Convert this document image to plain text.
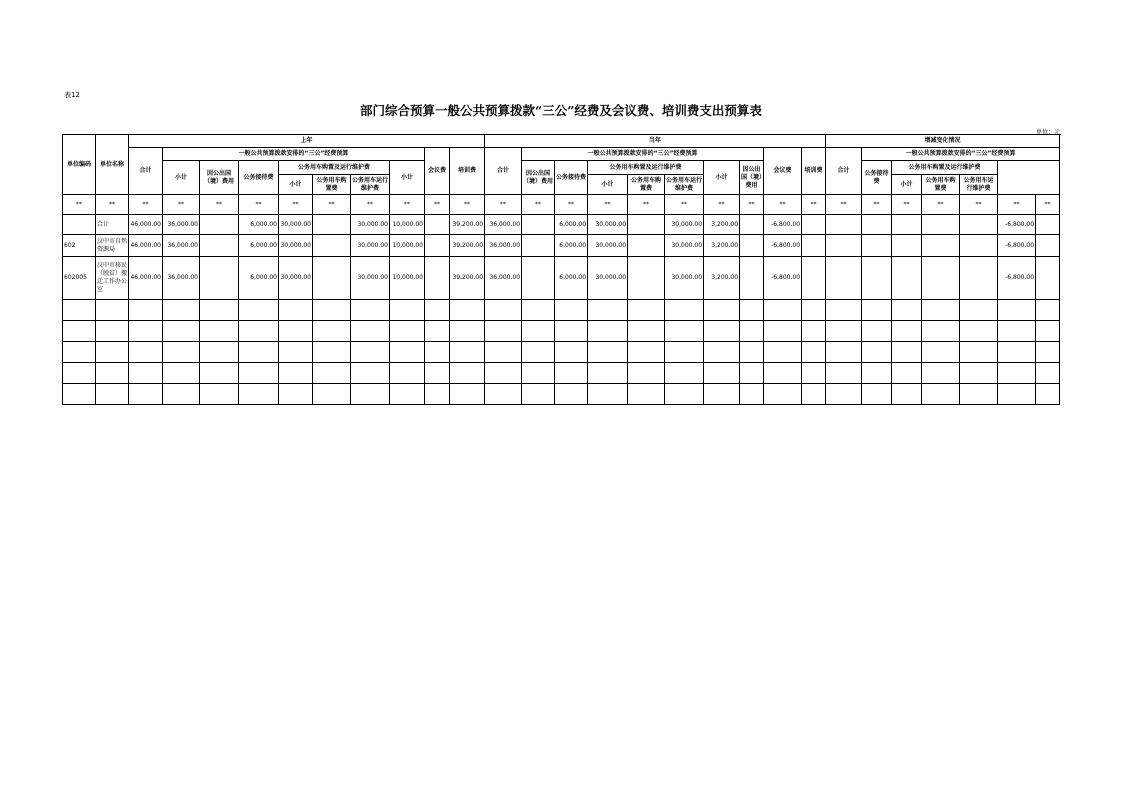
表12
部门综合预算一般公共预算拨款“三公”经费及会议费、培训费支出预算表
单位：元
单位编码	单位名称	上年										当年										增减变化情况							
		合计	一般公共预算拨款安排的“三公”经费预算							会议费	培训费	合计	一般公共预算拨款安排的“三公”经费预算							会议费	培训费	合计	一般公共预算拨款安排的“三公”经费预算		
			小计	因公出国（境）费用	公务接待费	公务用车购置及运行维护费			小计				因公出国（境）费用	公务接待费	公务用车购置及运行维护费			小计	因公出国（境）费用				公务接待费	公务用车购置及运行维护费					
						小计	公务用车购置费	公务用车运行维护费							小计	公务用车购置费	公务用车运行维护费							小计	公务用车购置费	公务用车运行维护费			
**	**	**	**	**	**	**	**	**	**	**	**	**	**	**	**	**	**	**	**	**	**	**	**	**	**	**	**	**	
	合计	46,000.00	36,000.00		6,000.00	30,000.00		30,000.00	10,000.00		39,200.00	36,000.00		6,000.00	30,000.00		30,000.00	3,200.00		-6,800.00							-6,800.00		
602	汉中市自然资源局	46,000.00	36,000.00		6,000.00	30,000.00		30,000.00	10,000.00		39,200.00	36,000.00		6,000.00	30,000.00		30,000.00	3,200.00		-6,800.00							-6,800.00		
602005	汉中市移民（脱贫）搬迁工作办公室	46,000.00	36,000.00		6,000.00	30,000.00		30,000.00	10,000.00		39,200.00	36,000.00		6,000.00	30,000.00		30,000.00	3,200.00		-6,800.00							-6,800.00		
